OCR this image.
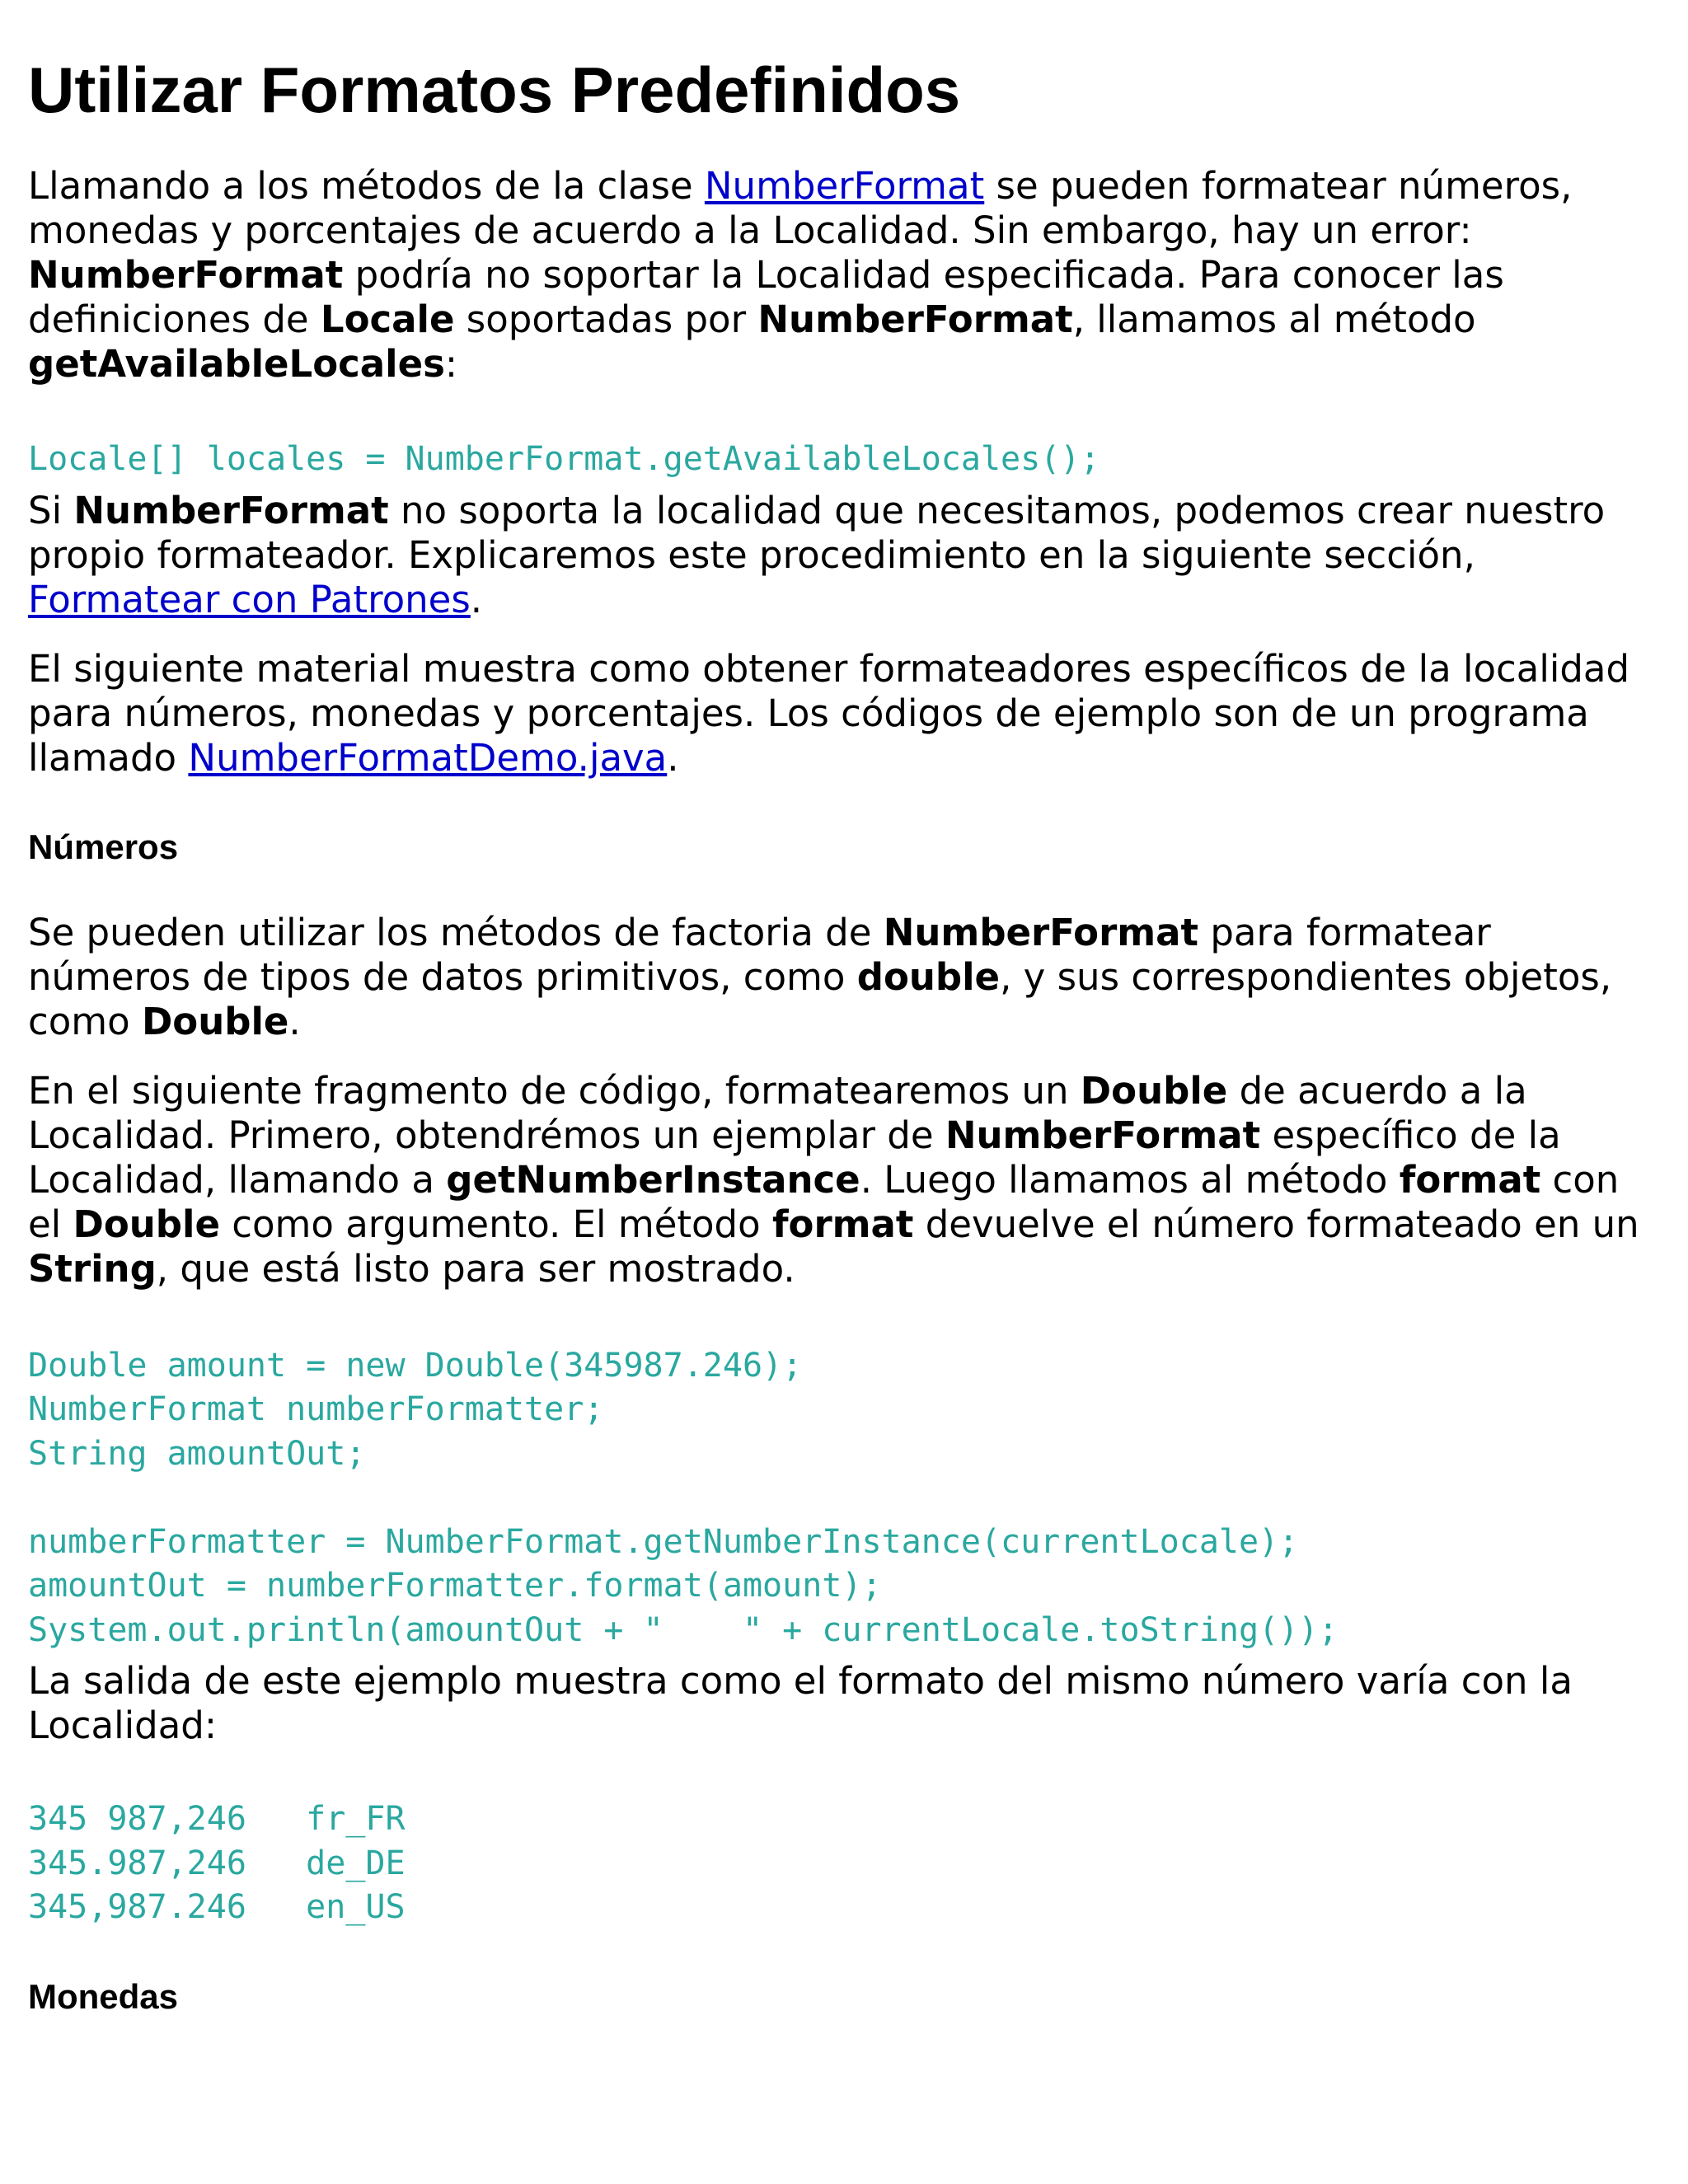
Utilizar Formatos Predefinidos

Llamando a los métodos de la clase NumberFormat se pueden formatear números, monedas y porcentajes de acuerdo a la Localidad. Sin embargo, hay un error: NumberFormat podría no soportar la Localidad especificada. Para conocer las definiciones de Locale soportadas por NumberFormat, llamamos al método getAvailableLocales:

Locale[] locales = NumberFormat.getAvailableLocales();

Si NumberFormat no soporta la localidad que necesitamos, podemos crear nuestro propio formateador. Explicaremos este procedimiento en la siguiente sección, Formatear con Patrones.

El siguiente material muestra como obtener formateadores específicos de la localidad para números, monedas y porcentajes. Los códigos de ejemplo son de un programa llamado NumberFormatDemo.java.

Números

Se pueden utilizar los métodos de factoria de NumberFormat para formatear números de tipos de datos primitivos, como double, y sus correspondientes objetos, como Double.

En el siguiente fragmento de código, formatearemos un Double de acuerdo a la Localidad. Primero, obtendrémos un ejemplar de NumberFormat específico de la Localidad, llamando a getNumberInstance. Luego llamamos al método format con el Double como argumento. El método format devuelve el número formateado en un String, que está listo para ser mostrado.

Double amount = new Double(345987.246);
NumberFormat numberFormatter;
String amountOut;
numberFormatter = NumberFormat.getNumberInstance(currentLocale);
amountOut = numberFormatter.format(amount);
System.out.println(amountOut + "    " + currentLocale.toString());

La salida de este ejemplo muestra como el formato del mismo número varía con la Localidad:

345 987,246   fr_FR
345.987,246   de_DE
345,987.246   en_US
Monedas
